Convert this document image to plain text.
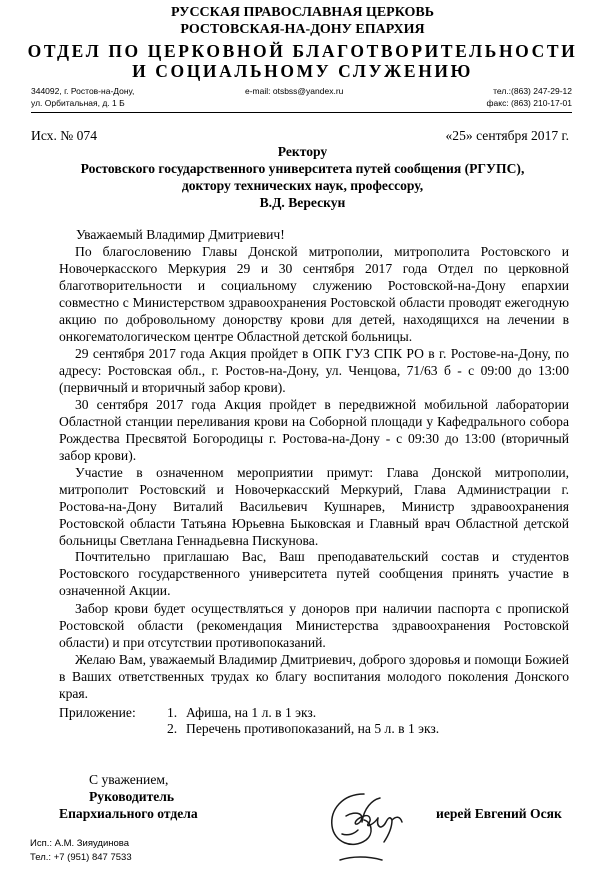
РУССКАЯ ПРАВОСЛАВНАЯ ЦЕРКОВЬ
РОСТОВСКАЯ-НА-ДОНУ ЕПАРХИЯ
ОТДЕЛ ПО ЦЕРКОВНОЙ БЛАГОТВОРИТЕЛЬНОСТИ
И СОЦИАЛЬНОМУ СЛУЖЕНИЮ
344092, г. Ростов-на-Дону,
ул. Орбитальная, д. 1 Б
e-mail: otsbss@yandex.ru	тел.:(863) 247-29-12
факс: (863) 210-17-01
Исх. № 074	«25» сентября 2017 г.
Ректору
Ростовского государственного университета путей сообщения (РГУПС),
доктору технических наук, профессору,
В.Д. Верескун
Уважаемый Владимир Дмитриевич!
По благословению Главы Донской митрополии, митрополита Ростовского и Новочеркасского Меркурия 29 и 30 сентября 2017 года Отдел по церковной благотворительности и социальному служению Ростовской-на-Дону епархии совместно с Министерством здравоохранения Ростовской области проводят ежегодную акцию по добровольному донорству крови для детей, находящихся на лечении в онкогематологическом центре Областной детской больницы.
29 сентября 2017 года Акция пройдет в ОПК ГУЗ СПК РО в г. Ростове-на-Дону, по адресу: Ростовская обл., г. Ростов-на-Дону, ул. Ченцова, 71/63 б - с 09:00 до 13:00 (первичный и вторичный забор крови).
30 сентября 2017 года Акция пройдет в передвижной мобильной лаборатории Областной станции переливания крови на Соборной площади у Кафедрального собора Рождества Пресвятой Богородицы г. Ростова-на-Дону - с 09:30 до 13:00 (вторичный забор крови).
Участие в означенном мероприятии примут: Глава Донской митрополии, митрополит Ростовский и Новочеркасский Меркурий, Глава Администрации г. Ростова-на-Дону Виталий Васильевич Кушнарев, Министр здравоохранения Ростовской области Татьяна Юрьевна Быковская и Главный врач Областной детской больницы Светлана Геннадьевна Пискунова.
Почтительно приглашаю Вас, Ваш преподавательский состав и студентов Ростовского государственного университета путей сообщения принять участие в означенной Акции.
Забор крови будет осуществляться у доноров при наличии паспорта с пропиской Ростовской области (рекомендация Министерства здравоохранения Ростовской области) и при отсутствии противопоказаний.
Желаю Вам, уважаемый Владимир Дмитриевич, доброго здоровья и помощи Божией в Ваших ответственных трудах ко благу воспитания молодого поколения Донского края.
Приложение: 1. Афиша, на 1 л. в 1 экз.
2. Перечень противопоказаний, на 5 л. в 1 экз.
С уважением,
Руководитель
Епархиального отдела	иерей Евгений Осяк
Исп.: А.М. Зияудинова
Тел.: +7 (951) 847 7533
